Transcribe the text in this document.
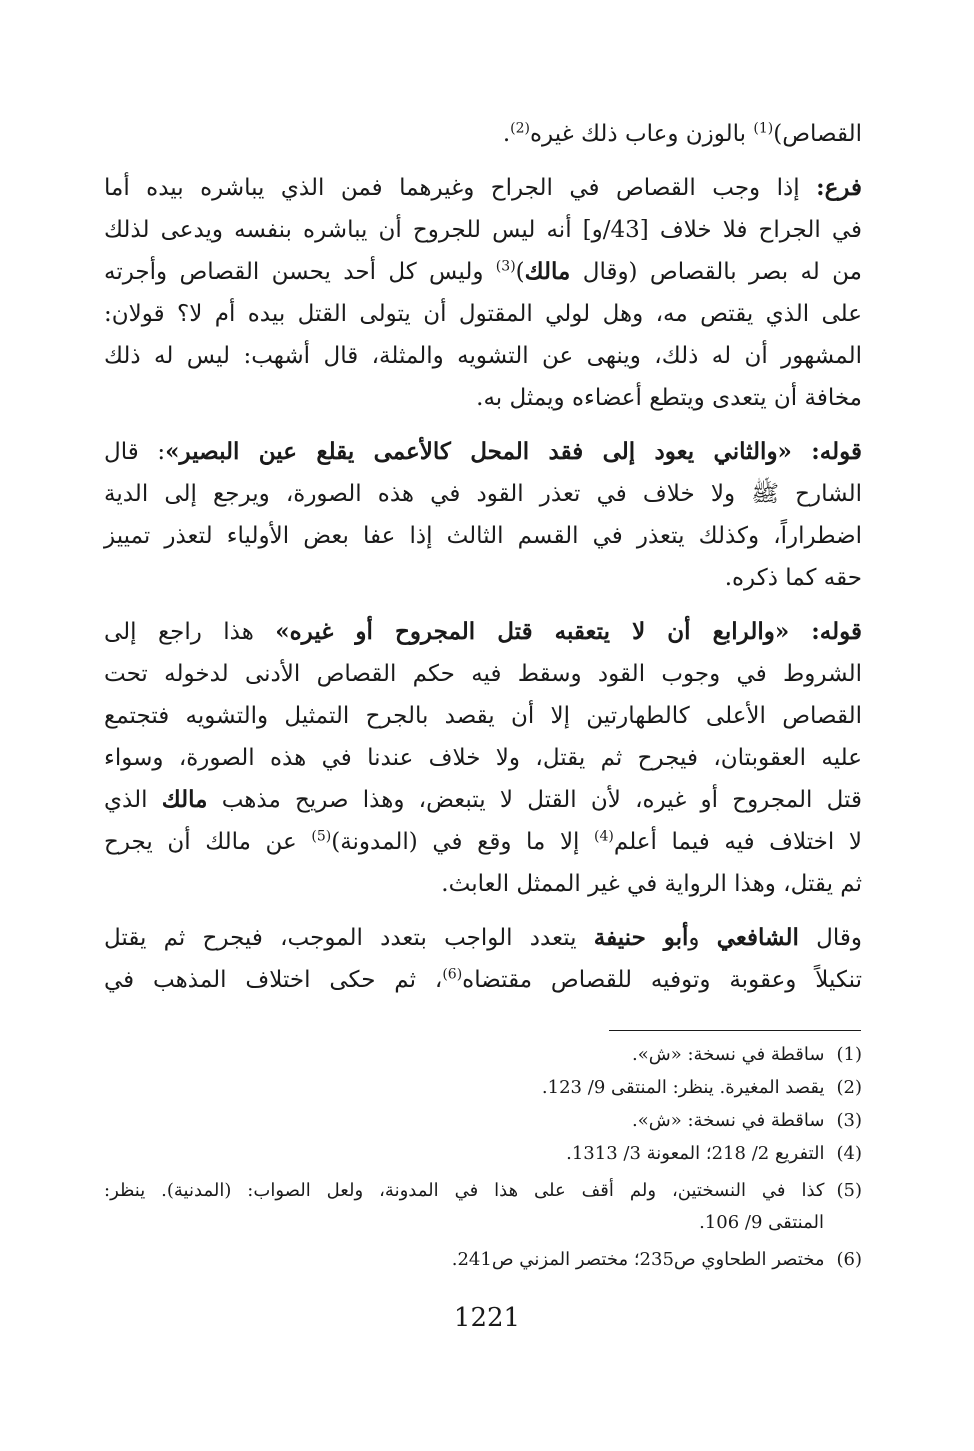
القصاص)$^{(1)}$ بالوزن وعاب ذلك غيره$^{(2)}$.
فرع: إذا وجب القصاص في الجراح وغيرهما فمن الذي يباشره بيده أما
في الجراح فلا خلاف [43/و] أنه ليس للجروح أن يباشره بنفسه ويدعى لذلك
من له بصر بالقصاص (وقال مالك)$^{(3)}$ وليس كل أحد يحسن القصاص وأجرته
على الذي يقتص مه، وهل لولي المقتول أن يتولى القتل بيده أم لا؟ قولان:
المشهور أن له ذلك، وينهى عن التشويه والمثلة، قال أشهب: ليس له ذلك
مخافة أن يتعدى ويتطع أعضاءه ويمثل به.
قوله: «والثاني يعود إلى فقد المحل كالأعمى يقلع عين البصير»: قال
الشارح ﷺ ولا خلاف في تعذر القود في هذه الصورة، ويرجع إلى الدية
اضطراراً، وكذلك يتعذر في القسم الثالث إذا عفا بعض الأولياء لتعذر تمييز
حقه كما ذكره.
قوله: «والرابع أن لا يتعقبه قتل المجروح أو غيره» هذا راجع إلى
الشروط في وجوب القود وسقط فيه حكم القصاص الأدنى لدخوله تحت
القصاص الأعلى كالطهارتين إلا أن يقصد بالجرح التمثيل والتشويه فتجتمع
عليه العقوبتان، فيجرح ثم يقتل، ولا خلاف عندنا في هذه الصورة، وسواء
قتل المجروح أو غيره، لأن القتل لا يتبعض، وهذا صريح مذهب مالك الذي
لا اختلاف فيه فيما أعلم$^{(4)}$ إلا ما وقع في (المدونة)$^{(5)}$ عن مالك أن يجرح
ثم يقتل، وهذا الرواية في غير الممثل العابث.
وقال الشافعي وأبو حنيفة يتعدد الواجب بتعدد الموجب، فيجرح ثم يقتل
تنكيلاً وعقوبة وتوفيه للقصاص مقتضاه$^{(6)}$، ثم حكى اختلاف المذهب في
(1)ساقطة في نسخة: «ش».
(2)يقصد المغيرة. ينظر: المنتقى 9/ 123.
(3)ساقطة في نسخة: «ش».
(4)التفريع 2/ 218؛ المعونة 3/ 1313.
(5)كذا في النسختين، ولم أقف على هذا في المدونة، ولعل الصواب: (المدنية). ينظر:
المنتقى 9/ 106.
(6)مختصر الطحاوي ص235؛ مختصر المزني ص241.
1221
